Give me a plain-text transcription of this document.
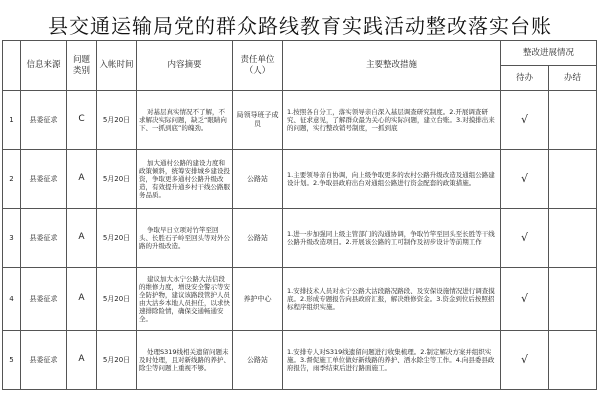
县交通运输局党的群众路线教育实践活动整改落实台账
	信息来源	问题类别	入帐时间	内容摘要	责任单位（人）	主要整改措施	整改进展情况	
							待办	办结
1	县委征求	C	5月20日	对基层真实情况不了解，不求解决实际问题，缺乏“眼睛向下、一抓到底”的魄劲。	局领导班子成员	1.按照各自分工，落实领导亲自深入基层调查研究制度。2.开展调查研究、征求意见，了解群众最为关心的实际问题，建立台账。3.对摸排出来的问题，实行整改销号制度，一抓到底	√	
2	县委征求	A	5月20日	加大通村公路的建设力度和政策倾斜，统筹安排城乡建设投资，争取更多通村公路升级改造，有效提升通乡村干线公路服务品质。	公路站	1.主要领导亲自协调，向上级争取更多的农村公路升级改造及通组公路建设计划。2.争取县政府出台对通组公路进行资金配套的政策措施。	√	
3	县委征求	A	5月20日	争取早日立项对竹竿至回头、长胜石子岭至回头等对外公路的升级改造。	公路站	1.进一步加强同上级主管部门的沟通协调，争取竹竿至回头至长胜等干线公路升级改造项目。2.开展该公路的工可制作及初步设计等前期工作	√	
4	县委征求	A	5月20日	建议加大永宁公路大沽信段的维修力度，增设安全警示等安全防护物，建议该路段管护人员由大沽乡本地人员担任，以求快速排除险情，确保交通畅通安全。	养护中心	1.安排技术人员对永宁公路大沽段路况路段、及安保设施情况进行调查摸底。2.形成专题报告向县政府汇报，解决维修资金。3.资金到位后按照招标程序组织实施。	√	
5	县委征求	A	5月20日	处理S319线相关遗留问题未及时处理，且对新线路的养护、除尘等问题上重视不够。	公路站	1.安排专人对S319线遗留问题进行收集梳理。2.制定解决方案并组织实施。3.督促施工单位做好新线路的养护、洒水除尘等工作。4.向县委县政府报告，雨季结束后进行路面施工。	√	
